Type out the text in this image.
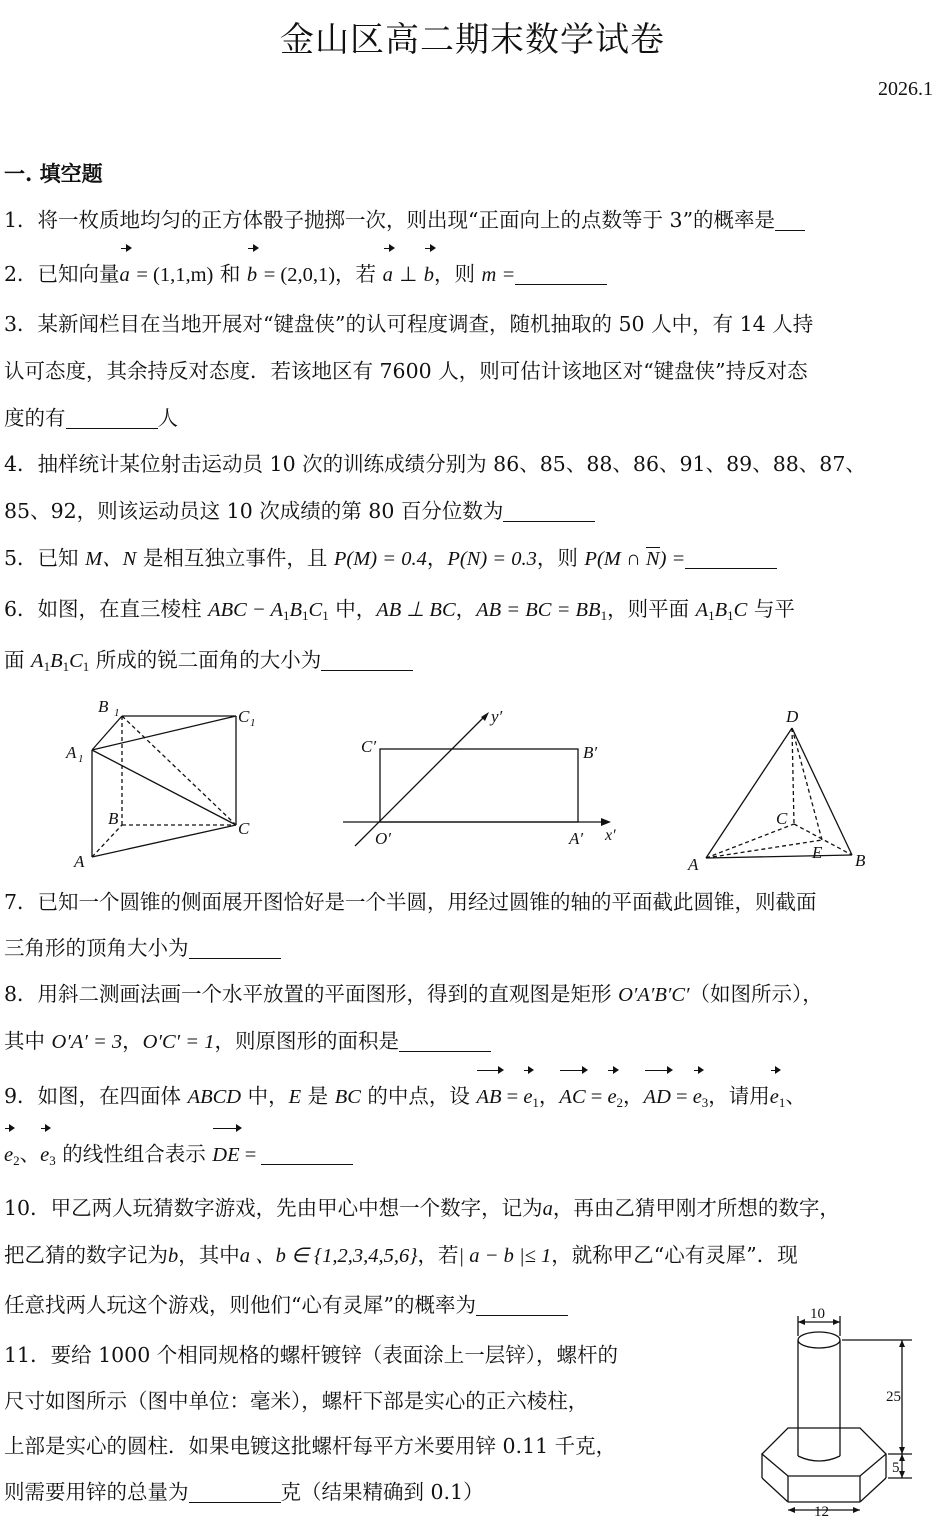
金山区高二期末数学试卷
2026.1
一. 填空题
1．将一枚质地均匀的正方体骰子抛掷一次，则出现“正面向上的点数等于 3”的概率是
2．已知向量a = (1,1,m) 和 b = (2,0,1)，若 a ⊥ b，则 m =
3．某新闻栏目在当地开展对“键盘侠”的认可程度调查，随机抽取的 50 人中，有 14 人持
认可态度，其余持反对态度．若该地区有 7600 人，则可估计该地区对“键盘侠”持反对态
度的有	人
4．抽样统计某位射击运动员 10 次的训练成绩分别为 86、85、88、86、91、89、88、87、
85、92，则该运动员这 10 次成绩的第 80 百分位数为
5．已知 M、N 是相互独立事件，且 P(M) = 0.4，P(N) = 0.3，则 P(M ∩ N) =
6．如图，在直三棱柱 ABC − $A_1B_1C_1$ 中，AB ⊥ BC，AB = BC = $BB_1$，则平面 $A_1B_1C$ 与平
面 $A_1B_1C_1$ 所成的锐二面角的大小为
B 1	C 1
A 1
B
C
A
y′
C′	B′
O′	A′ x′
D
C
A
E B
7．已知一个圆锥的侧面展开图恰好是一个半圆，用经过圆锥的轴的平面截此圆锥，则截面
三角形的顶角大小为
8．用斜二测画法画一个水平放置的平面图形，得到的直观图是矩形 O′A′B′C′（如图所示），
其中 O′A′ = 3，O′C′ = 1，则原图形的面积是
9．如图，在四面体 ABCD 中，E 是 BC 的中点，设 AB = $e_1$，AC = $e_2$，AD = $e_3$，请用$e_1$、
$e_2$、$e_3$ 的线性组合表示 DE =
10．甲乙两人玩猜数字游戏，先由甲心中想一个数字，记为a，再由乙猜甲刚才所想的数字，
把乙猜的数字记为b，其中a 、b ∈ {1,2,3,4,5,6}，若| a − b |≤ 1，就称甲乙“心有灵犀”．现
任意找两人玩这个游戏，则他们“心有灵犀”的概率为
11．要给 1000 个相同规格的螺杆镀锌（表面涂上一层锌），螺杆的
尺寸如图所示（图中单位：毫米），螺杆下部是实心的正六棱柱，
上部是实心的圆柱．如果电镀这批螺杆每平方米要用锌 0.11 千克，
则需要用锌的总量为	克（结果精确到 0.1）
10
25
5
12
